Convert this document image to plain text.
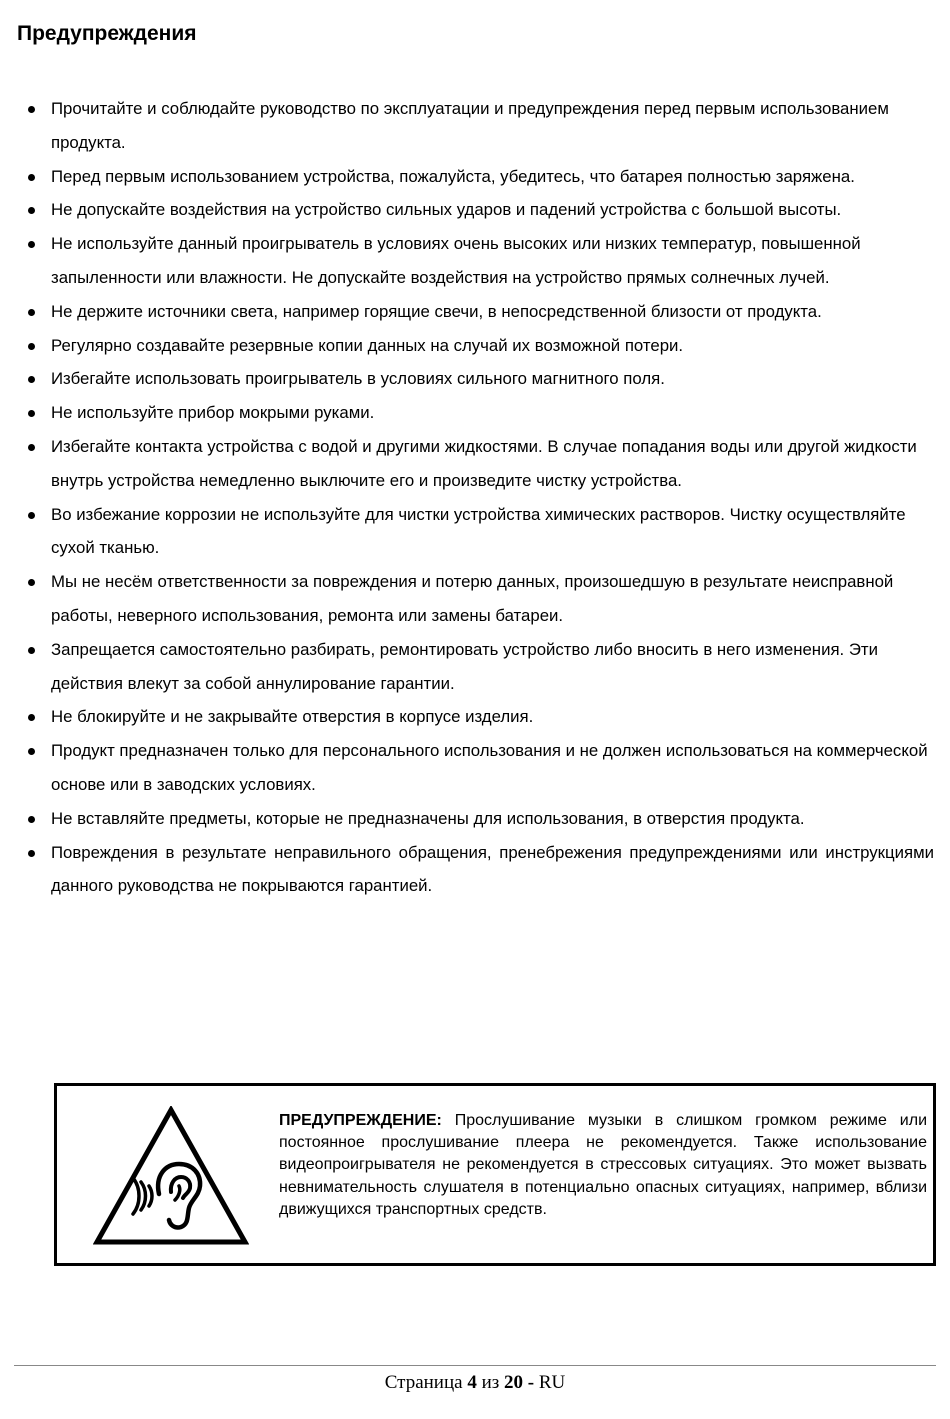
Предупреждения
Прочитайте и соблюдайте руководство по эксплуатации и предупреждения перед первым использованием продукта.
Перед первым использованием устройства, пожалуйста, убедитесь, что батарея полностью заряжена.
Не допускайте воздействия на устройство сильных ударов и падений устройства с большой высоты.
Не используйте данный проигрыватель в условиях очень высоких или низких температур, повышенной запыленности или влажности. Не допускайте воздействия на устройство прямых солнечных лучей.
Не держите источники света, например горящие свечи, в непосредственной близости от продукта.
Регулярно создавайте резервные копии данных на случай их возможной потери.
Избегайте использовать проигрыватель в условиях сильного магнитного поля.
Не используйте прибор мокрыми руками.
Избегайте контакта устройства с водой и другими жидкостями. В случае попадания воды или другой жидкости внутрь устройства немедленно выключите его и произведите чистку устройства.
Во избежание коррозии не используйте для чистки устройства химических растворов. Чистку осуществляйте сухой тканью.
Мы не несём ответственности за повреждения и потерю данных, произошедшую в результате неисправной работы, неверного использования, ремонта или замены батареи.
Запрещается самостоятельно разбирать, ремонтировать устройство либо вносить в него изменения. Эти действия влекут за собой аннулирование гарантии.
Не блокируйте и не закрывайте отверстия в корпусе изделия.
Продукт предназначен только для персонального использования и не должен использоваться на коммерческой основе или в заводских условиях.
Не вставляйте предметы, которые не предназначены для использования, в отверстия продукта.
Повреждения в результате неправильного обращения, пренебрежения предупреждениями или инструкциями данного руководства не покрываются гарантией.
ПРЕДУПРЕЖДЕНИЕ: Прослушивание музыки в слишком громком режиме или постоянное прослушивание плеера не рекомендуется. Также использование видеопроигрывателя не рекомендуется в стрессовых ситуациях. Это может вызвать невнимательность слушателя в потенциально опасных ситуациях, например, вблизи движущихся транспортных средств.
Страница 4 из 20 - RU
